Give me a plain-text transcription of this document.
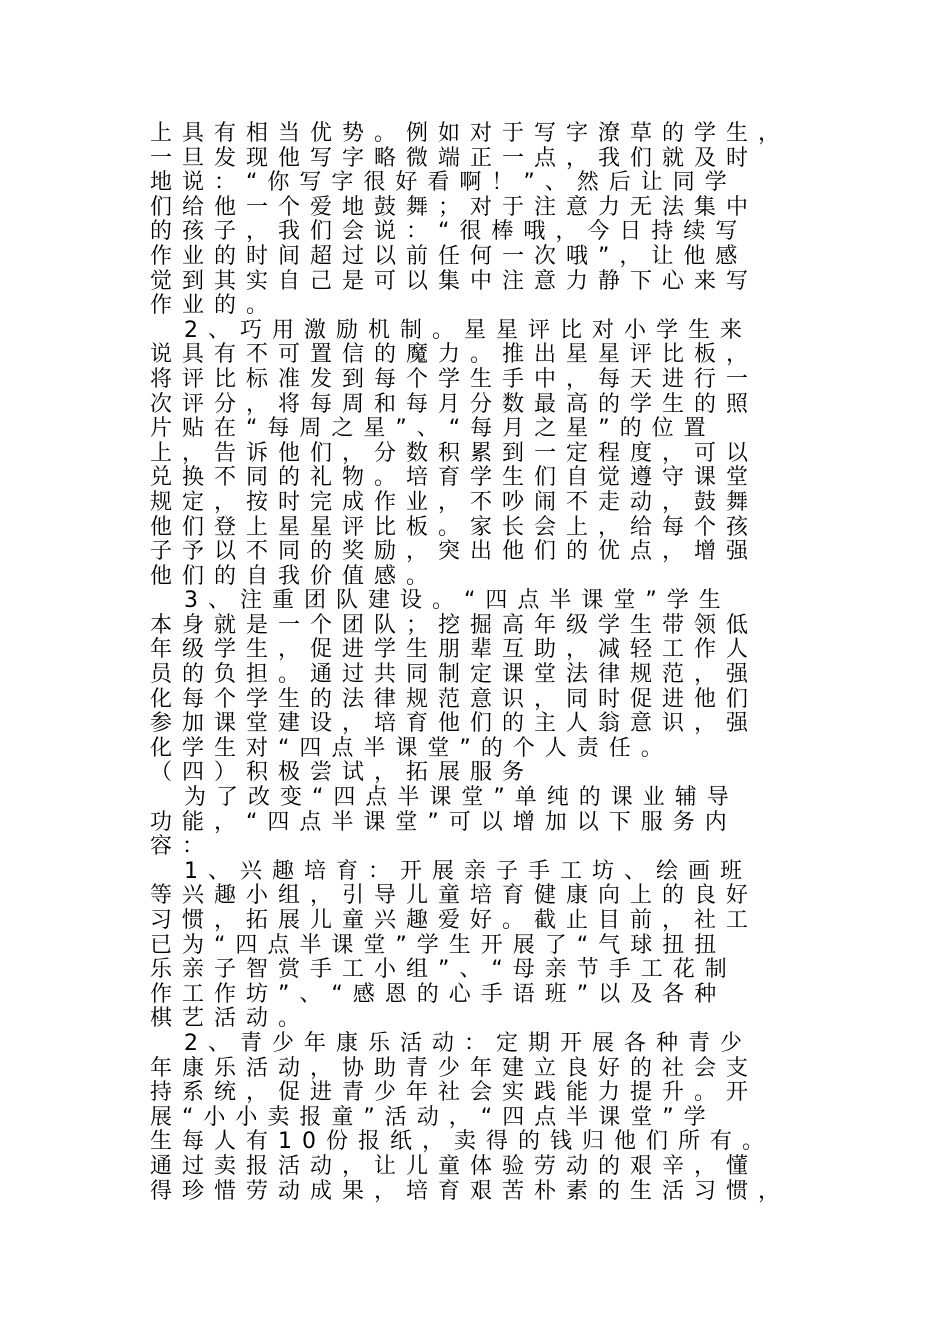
上具有相当优势。例如对于写字潦草的学生，
一旦发现他写字略微端正一点，我们就及时
地说：“你写字很好看啊！”、然后让同学
们给他一个爱地鼓舞；对于注意力无法集中
的孩子，我们会说：“很棒哦，今日持续写
作业的时间超过以前任何一次哦”，让他感
觉到其实自己是可以集中注意力静下心来写
作业的。
2、巧用激励机制。星星评比对小学生来
说具有不可置信的魔力。推出星星评比板，
将评比标准发到每个学生手中，每天进行一
次评分，将每周和每月分数最高的学生的照
片贴在“每周之星”、“每月之星”的位置
上，告诉他们，分数积累到一定程度，可以
兑换不同的礼物。培育学生们自觉遵守课堂
规定，按时完成作业，不吵闹不走动，鼓舞
他们登上星星评比板。家长会上，给每个孩
子予以不同的奖励，突出他们的优点，增强
他们的自我价值感。
3、注重团队建设。“四点半课堂”学生
本身就是一个团队；挖掘高年级学生带领低
年级学生，促进学生朋辈互助，减轻工作人
员的负担。通过共同制定课堂法律规范，强
化每个学生的法律规范意识，同时促进他们
参加课堂建设，培育他们的主人翁意识，强
化学生对“四点半课堂”的个人责任。
（四）积极尝试，拓展服务
为了改变“四点半课堂”单纯的课业辅导
功能，“四点半课堂”可以增加以下服务内
容：
1、兴趣培育：开展亲子手工坊、绘画班
等兴趣小组，引导儿童培育健康向上的良好
习惯，拓展儿童兴趣爱好。截止目前，社工
已为“四点半课堂”学生开展了“气球扭扭
乐亲子智赏手工小组”、“母亲节手工花制
作工作坊”、“感恩的心手语班”以及各种
棋艺活动。
2、青少年康乐活动：定期开展各种青少
年康乐活动，协助青少年建立良好的社会支
持系统，促进青少年社会实践能力提升。开
展“小小卖报童”活动，“四点半课堂”学
生每人有10份报纸，卖得的钱归他们所有。
通过卖报活动，让儿童体验劳动的艰辛，懂
得珍惜劳动成果，培育艰苦朴素的生活习惯，
